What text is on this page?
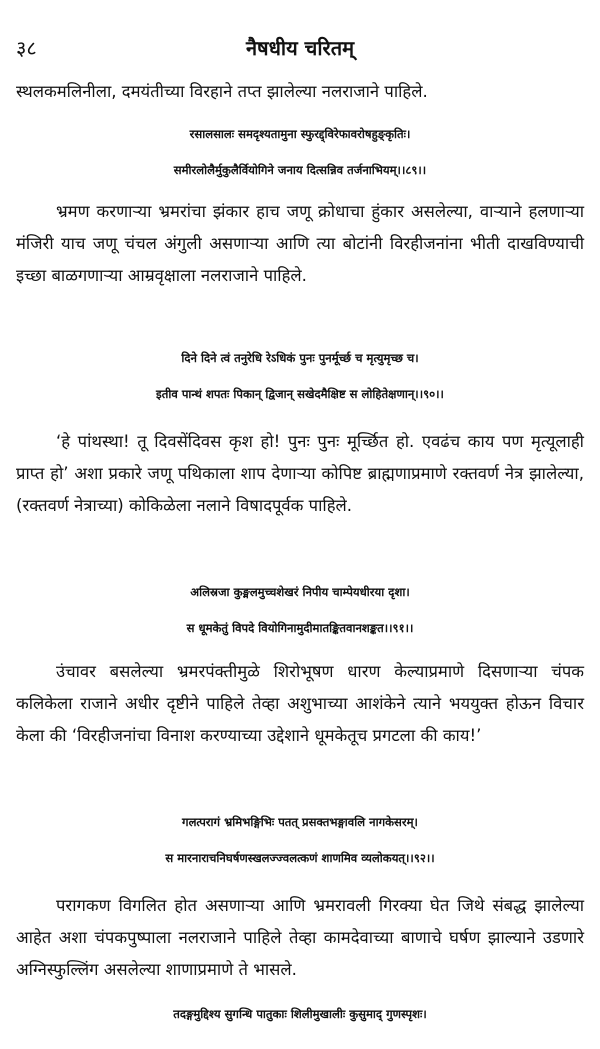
३८	नैषधीय चरितम्

स्थलकमलिनीला, दमयंतीच्या विरहाने तप्त झालेल्या नलराजाने पाहिले.

रसालसालः समदृश्यतामुना स्फुरद्द्विरेफावरोषहुङ्कृतिः।

समीरलोलैर्मुकुलैर्वियोगिने जनाय दित्सन्निव तर्जनाभियम्।।८९।।

भ्रमण करणाऱ्या भ्रमरांचा झंकार हाच जणू क्रोधाचा हुंकार असलेल्या, वाऱ्याने हलणाऱ्या मंजिरी याच जणू चंचल अंगुली असणाऱ्या आणि त्या बोटांनी विरहीजनांना भीती दाखविण्याची इच्छा बाळगणाऱ्या आम्रवृक्षाला नलराजाने पाहिले.

दिने दिने त्वं तनुरेधि रेऽधिकं पुनः पुनर्मूर्च्छ च मृत्युमृच्छ च।

इतीव पान्थं शपतः पिकान् द्विजान् सखेदमैक्षिष्ट स लोहितेक्षणान्।।९०।।

‘हे पांथस्था! तू दिवसेंदिवस कृश हो! पुनः पुनः मूर्च्छित हो. एवढंच काय पण मृत्यूलाही प्राप्त हो’ अशा प्रकारे जणू पथिकाला शाप देणाऱ्या कोपिष्ट ब्राह्मणाप्रमाणे रक्तवर्ण नेत्र झालेल्या,(रक्तवर्ण नेत्राच्या) कोकिळेला नलाने विषादपूर्वक पाहिले.

अलिस्रजा कुङ्मलमुच्चशेखरं निपीय चाम्पेयधीरया दृशा।

स धूमकेतुं विपदे वियोगिनामुदीमातङ्कितवानशङ्कत।।९१।।

उंचावर बसलेल्या भ्रमरपंक्तीमुळे शिरोभूषण धारण केल्याप्रमाणे दिसणाऱ्या चंपक कलिकेला राजाने अधीर दृष्टीने पाहिले तेव्हा अशुभाच्या आशंकेने त्याने भययुक्त होऊन विचार केला की ‘विरहीजनांचा विनाश करण्याच्या उद्देशाने धूमकेतूच प्रगटला की काय!’

गलत्परागं भ्रमिभङ्गिभिः पतत् प्रसक्तभङ्गावलि नागकेसरम्।

स मारनाराचनिघर्षणस्खलज्ज्वलत्कणं शाणमिव व्यलोकयत्।।९२।।

परागकण विगलित होत असणाऱ्या आणि भ्रमरावली गिरक्या घेत जिथे संबद्ध झालेल्या आहेत अशा चंपकपुष्पाला नलराजाने पाहिले तेव्हा कामदेवाच्या बाणाचे घर्षण झाल्याने उडणारे अग्निस्फुल्लिंग असलेल्या शाणाप्रमाणे ते भासले.

तदङ्गमुद्दिश्य सुगन्धि पातुकाः शिलीमुखालीः कुसुमाद् गुणस्पृशः।
